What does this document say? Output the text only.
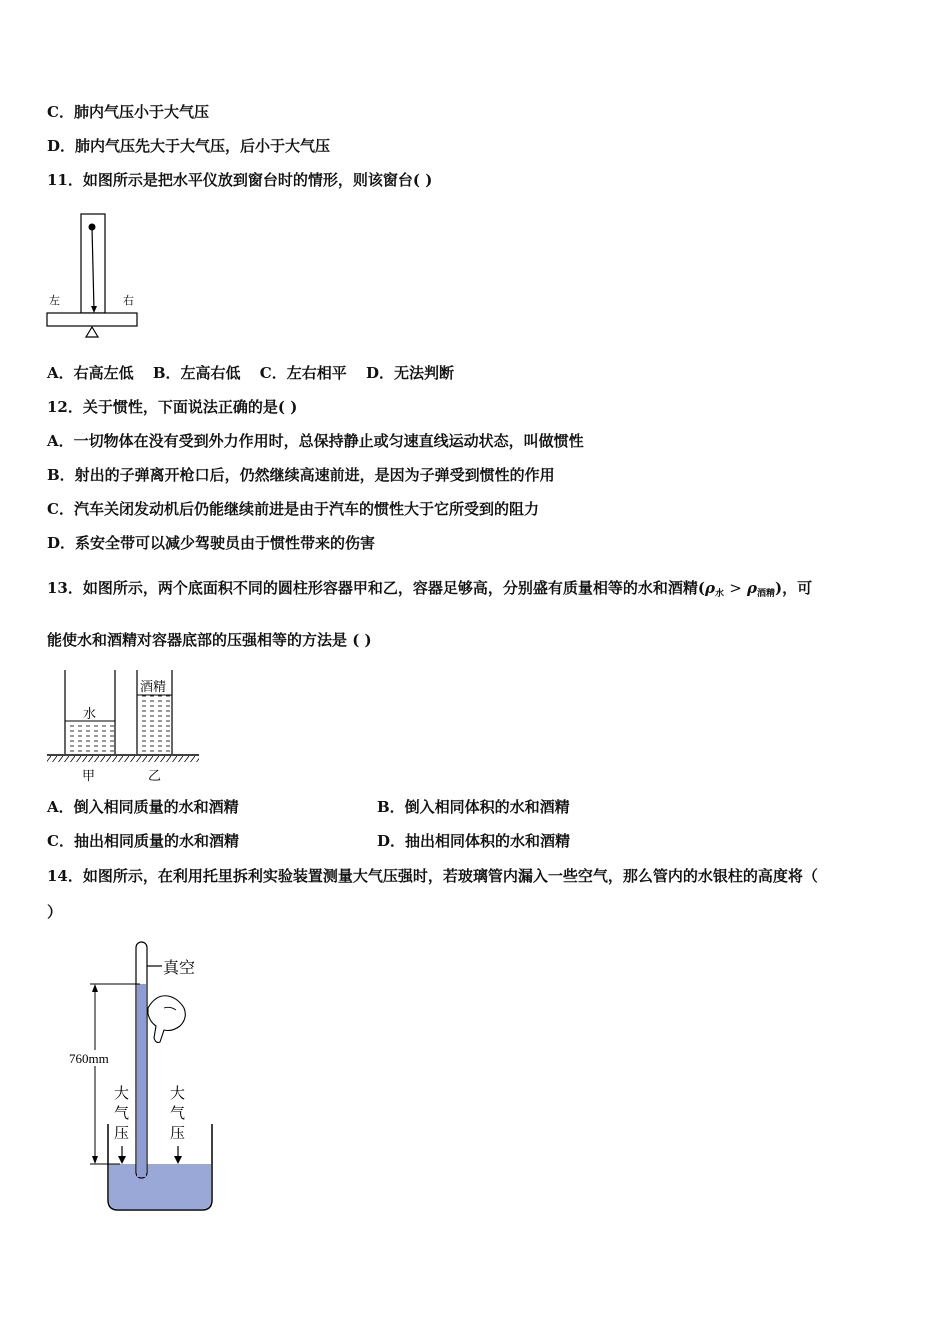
C．肺内气压小于大气压
D．肺内气压先大于大气压，后小于大气压
11．如图所示是把水平仪放到窗台时的情形，则该窗台( )
左	右
A．右高左低 B．左高右低 C．左右相平 D．无法判断
12．关于惯性，下面说法正确的是( )
A．一切物体在没有受到外力作用时，总保持静止或匀速直线运动状态，叫做惯性
B．射出的子弹离开枪口后，仍然继续高速前进，是因为子弹受到惯性的作用
C．汽车关闭发动机后仍能继续前进是由于汽车的惯性大于它所受到的阻力
D．系安全带可以减少驾驶员由于惯性带来的伤害
13．如图所示，两个底面积不同的圆柱形容器甲和乙，容器足够高，分别盛有质量相等的水和酒精$(\rho_水 > \rho_{酒精})$，可
能使水和酒精对容器底部的压强相等的方法是 ( )
水
酒精
甲	乙
A．倒入相同质量的水和酒精	B．倒入相同体积的水和酒精
C．抽出相同质量的水和酒精	D．抽出相同体积的水和酒精
14．如图所示，在利用托里拆利实验装置测量大气压强时，若玻璃管内漏入一些空气，那么管内的水银柱的高度将（
）
真空
760mm
大
气
压
大
气
压
